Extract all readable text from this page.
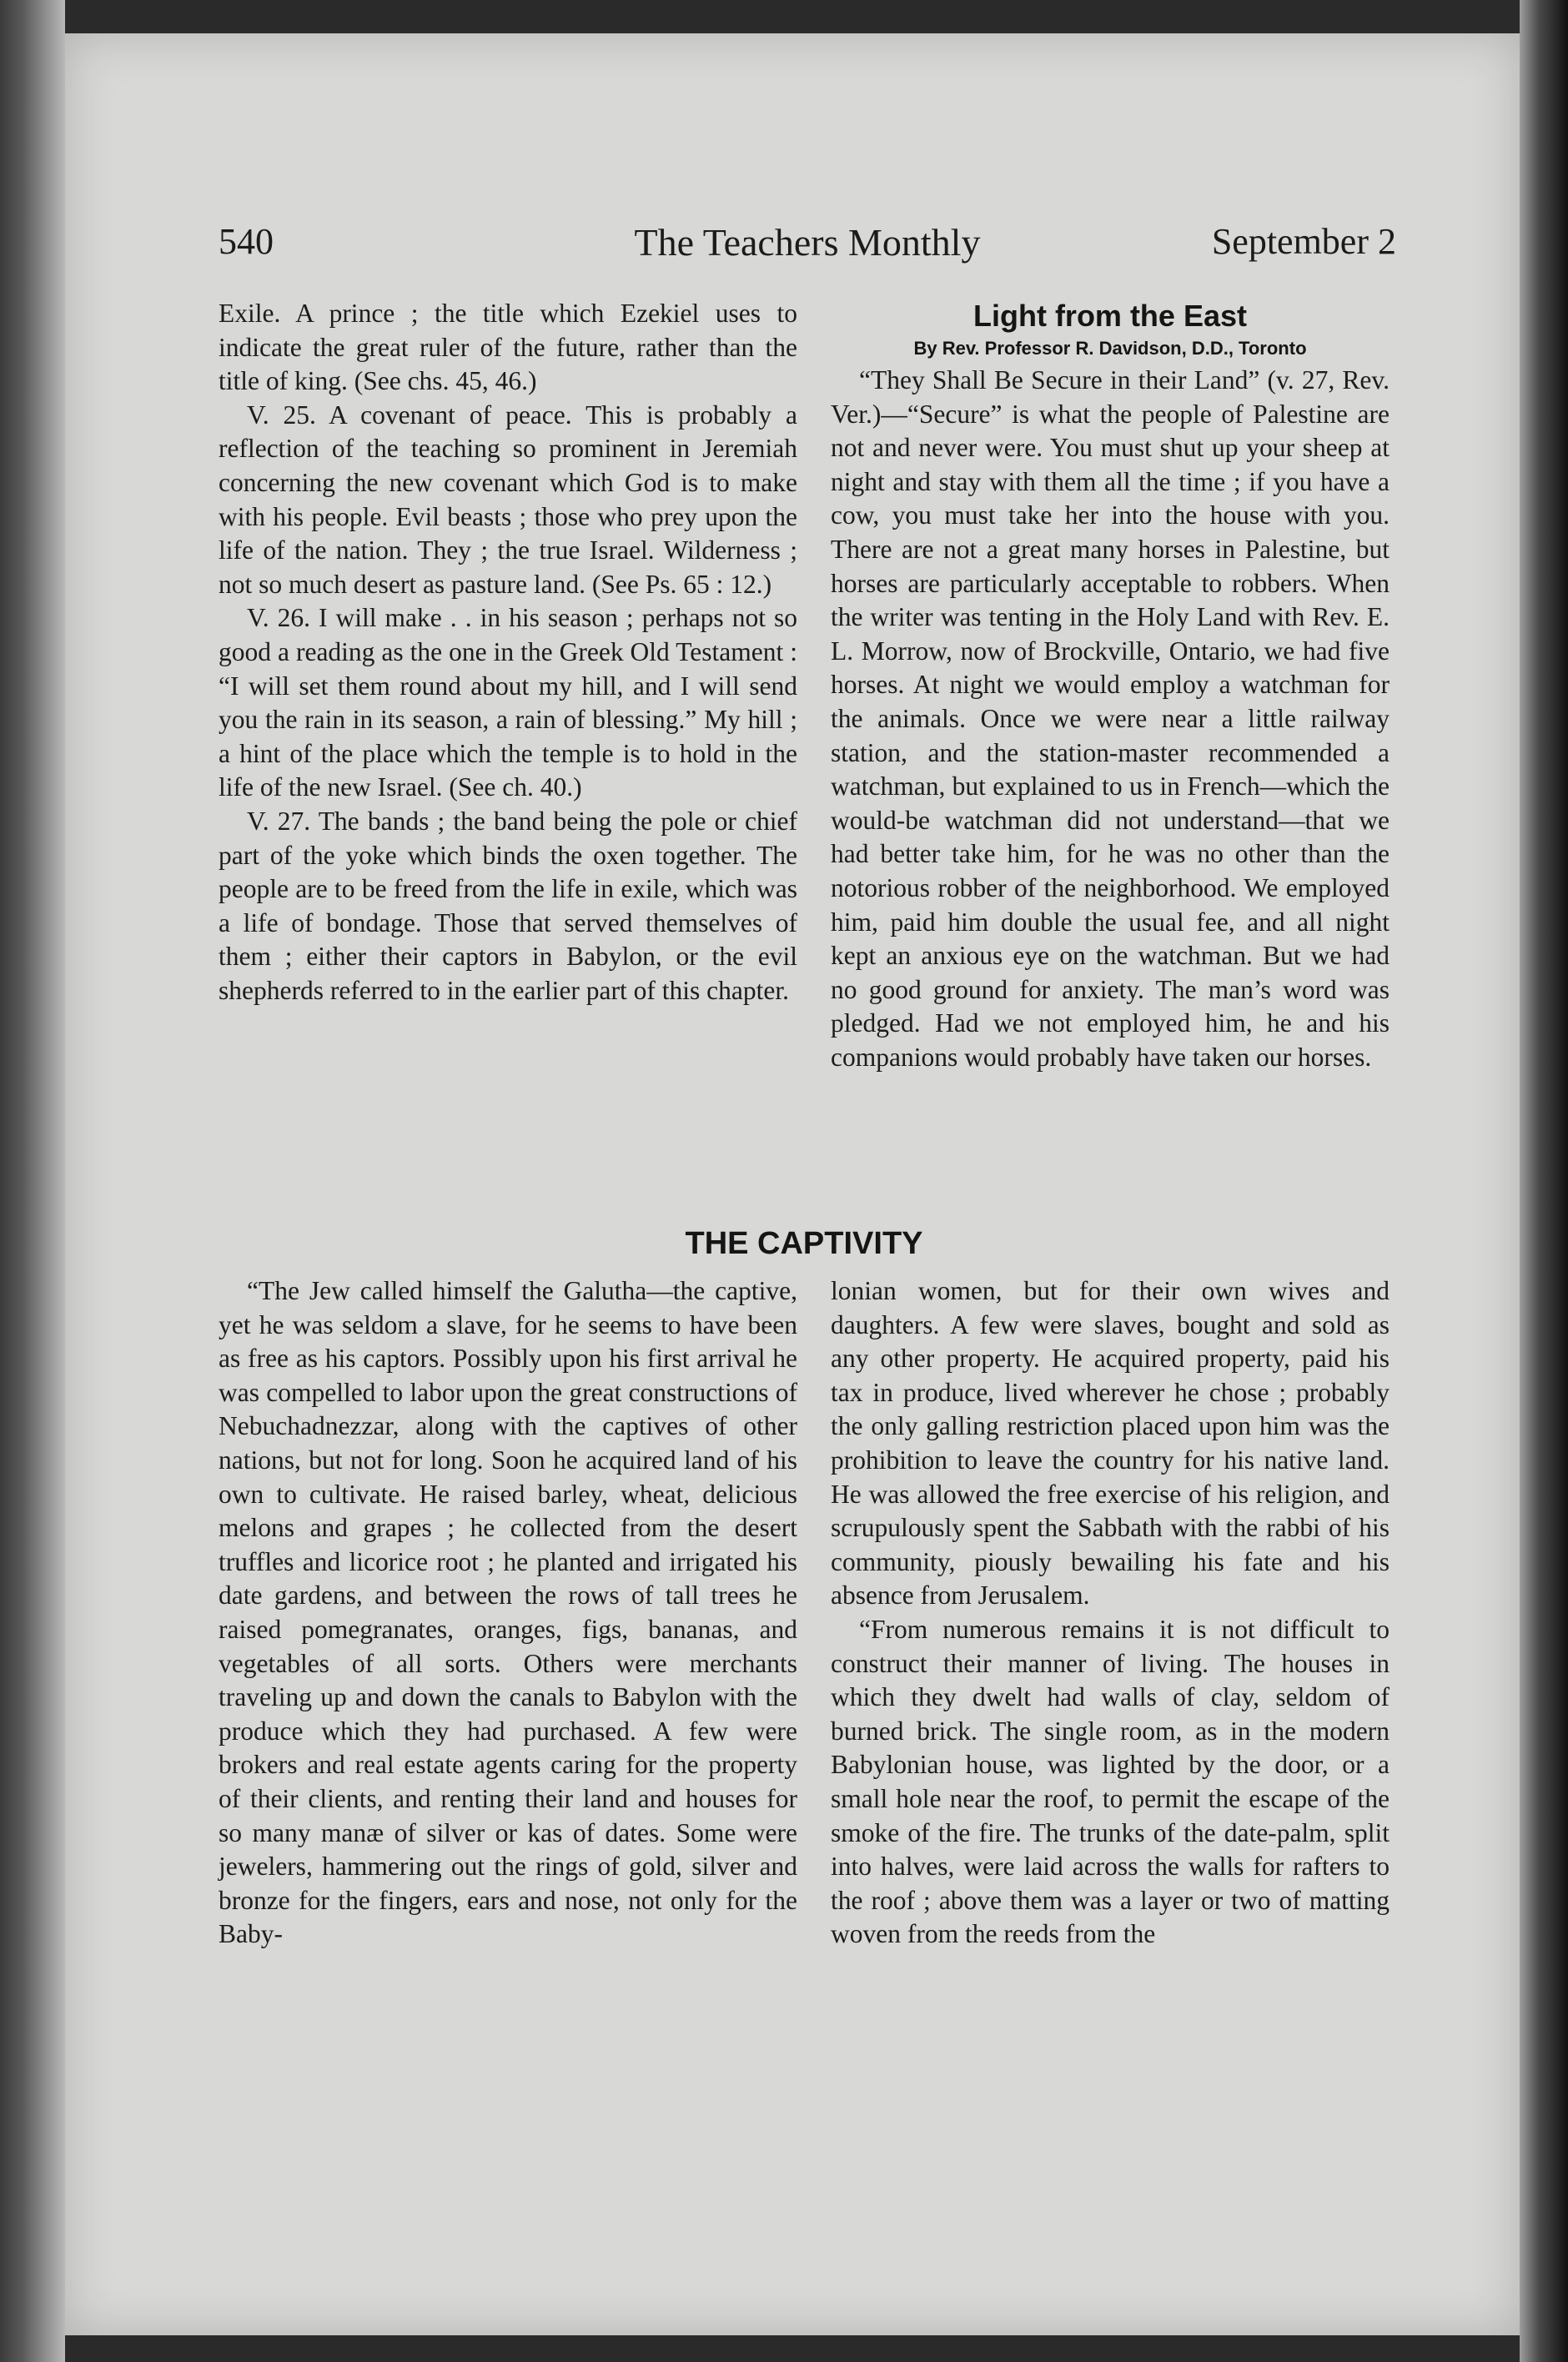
540	The Teachers Monthly	September 2

Exile. A prince ; the title which Ezekiel uses to indicate the great ruler of the future, rather than the title of king. (See chs. 45, 46.)

V. 25. A covenant of peace. This is probably a reflection of the teaching so prominent in Jeremiah concerning the new covenant which God is to make with his people. Evil beasts ; those who prey upon the life of the nation. They ; the true Israel. Wilderness ; not so much desert as pasture land. (See Ps. 65 : 12.)

V. 26. I will make . . in his season ; perhaps not so good a reading as the one in the Greek Old Testament : “I will set them round about my hill, and I will send you the rain in its season, a rain of blessing.” My hill ; a hint of the place which the temple is to hold in the life of the new Israel. (See ch. 40.)

V. 27. The bands ; the band being the pole or chief part of the yoke which binds the oxen together. The people are to be freed from the life in exile, which was a life of bondage. Those that served themselves of them ; either their captors in Babylon, or the evil shepherds referred to in the earlier part of this chapter.

Light from the East
By Rev. Professor R. Davidson, D.D., Toronto

“They Shall Be Secure in their Land” (v. 27, Rev. Ver.)—“Secure” is what the people of Palestine are not and never were. You must shut up your sheep at night and stay with them all the time ; if you have a cow, you must take her into the house with you. There are not a great many horses in Palestine, but horses are particularly acceptable to robbers. When the writer was tenting in the Holy Land with Rev. E. L. Morrow, now of Brockville, Ontario, we had five horses. At night we would employ a watchman for the animals. Once we were near a little railway station, and the station-master recommended a watchman, but explained to us in French—which the would-be watchman did not understand—that we had better take him, for he was no other than the notorious robber of the neighborhood. We employed him, paid him double the usual fee, and all night kept an anxious eye on the watchman. But we had no good ground for anxiety. The man’s word was pledged. Had we not employed him, he and his companions would probably have taken our horses.

THE CAPTIVITY

“The Jew called himself the Galutha—the captive, yet he was seldom a slave, for he seems to have been as free as his captors. Possibly upon his first arrival he was compelled to labor upon the great constructions of Nebuchadnezzar, along with the captives of other nations, but not for long. Soon he acquired land of his own to cultivate. He raised barley, wheat, delicious melons and grapes ; he collected from the desert truffles and licorice root ; he planted and irrigated his date gardens, and between the rows of tall trees he raised pomegranates, oranges, figs, bananas, and vegetables of all sorts. Others were merchants traveling up and down the canals to Babylon with the produce which they had purchased. A few were brokers and real estate agents caring for the property of their clients, and renting their land and houses for so many manæ of silver or kas of dates. Some were jewelers, hammering out the rings of gold, silver and bronze for the fingers, ears and nose, not only for the Baby-

lonian women, but for their own wives and daughters. A few were slaves, bought and sold as any other property. He acquired property, paid his tax in produce, lived wherever he chose ; probably the only galling restriction placed upon him was the prohibition to leave the country for his native land. He was allowed the free exercise of his religion, and scrupulously spent the Sabbath with the rabbi of his community, piously bewailing his fate and his absence from Jerusalem.

“From numerous remains it is not difficult to construct their manner of living. The houses in which they dwelt had walls of clay, seldom of burned brick. The single room, as in the modern Babylonian house, was lighted by the door, or a small hole near the roof, to permit the escape of the smoke of the fire. The trunks of the date-palm, split into halves, were laid across the walls for rafters to the roof ; above them was a layer or two of matting woven from the reeds from the
